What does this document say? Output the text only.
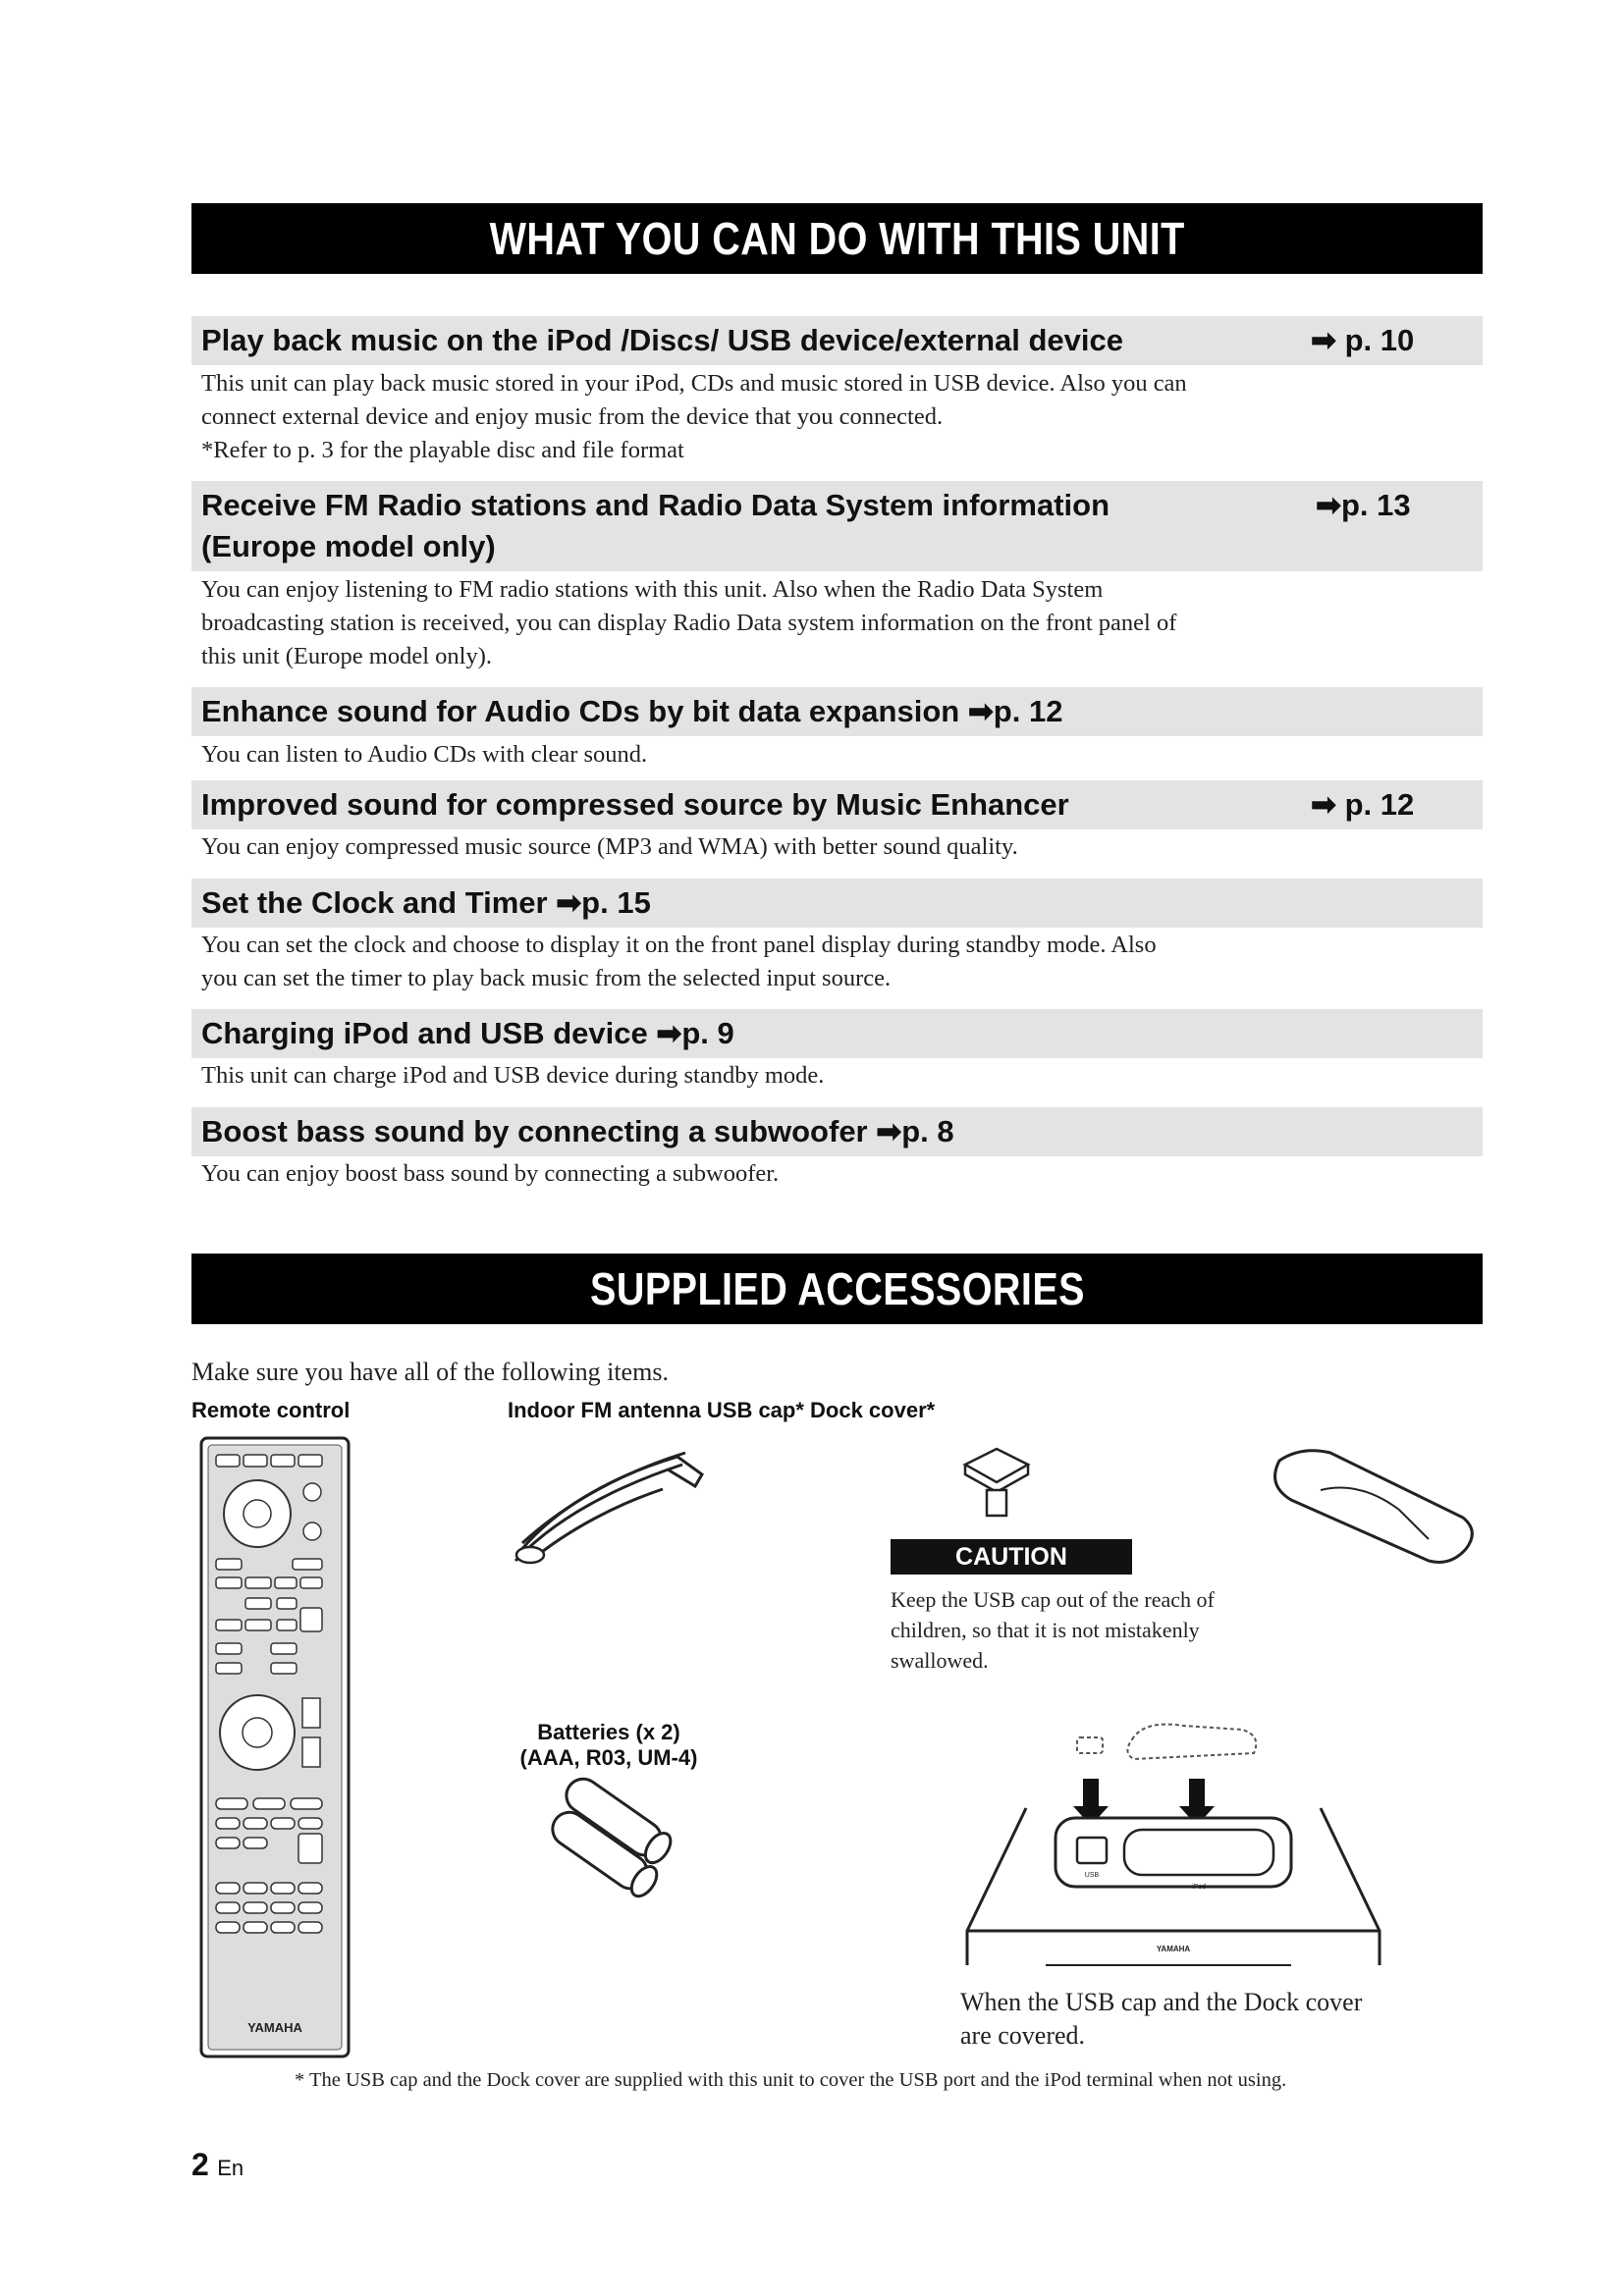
WHAT YOU CAN DO WITH THIS UNIT
Play back music on the iPod /Discs/ USB device/external device	➡ p. 10

This unit can play back music stored in your iPod, CDs and music stored in USB device. Also you can

connect external device and enjoy music from the device that you connected.

*Refer to p. 3 for the playable disc and file format

Receive FM Radio stations and Radio Data System information
(Europe model only)
➡p. 13

You can enjoy listening to FM radio stations with this unit. Also when the Radio Data System

broadcasting station is received, you can display Radio Data system information on the front panel of

this unit (Europe model only).

Enhance sound for Audio CDs by bit data expansion ➡p. 12

You can listen to Audio CDs with clear sound.

Improved sound for compressed source by Music Enhancer	➡ p. 12

You can enjoy compressed music source (MP3 and WMA) with better sound quality.

Set the Clock and Timer ➡p. 15

You can set the clock and choose to display it on the front panel display during standby mode. Also

you can set the timer to play back music from the selected input source.

Charging iPod and USB device ➡p. 9

This unit can charge iPod and USB device during standby mode.

Boost bass sound by connecting a subwoofer ➡p. 8

You can enjoy boost bass sound by connecting a subwoofer.

SUPPLIED ACCESSORIES
Make sure you have all of the following items.
Remote control	Indoor FM antenna USB cap* Dock cover*
YAMAHA
CAUTION
Keep the USB cap out of the reach of
children, so that it is not mistakenly
swallowed.
Batteries (x 2)
(AAA, R03, UM-4)
USB
iPod
YAMAHA
When the USB cap and the Dock cover
are covered.
* The USB cap and the Dock cover are supplied with this unit to cover the USB port and the iPod terminal when not using.
2 En
